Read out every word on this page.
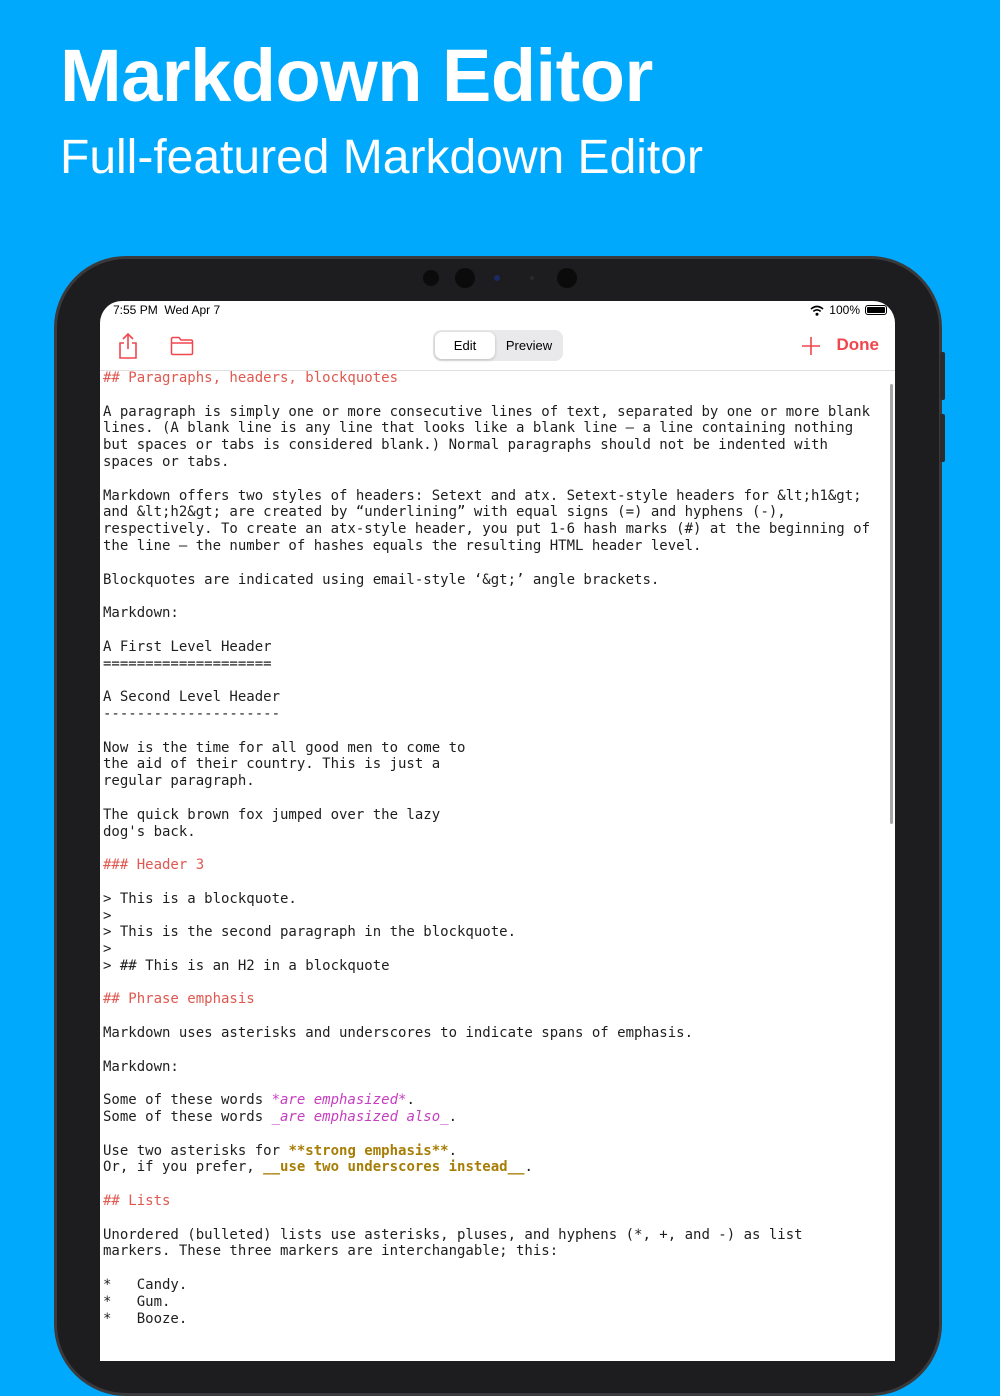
Markdown Editor
Full-featured Markdown Editor
7:55 PM Wed Apr 7	100%
Edit	Preview	Done
## Paragraphs, headers, blockquotes
A paragraph is simply one or more consecutive lines of text, separated by one or more blank
lines. (A blank line is any line that looks like a blank line — a line containing nothing
but spaces or tabs is considered blank.) Normal paragraphs should not be indented with
spaces or tabs.
Markdown offers two styles of headers: Setext and atx. Setext-style headers for &lt;h1&gt;
and &lt;h2&gt; are created by “underlining” with equal signs (=) and hyphens (-),
respectively. To create an atx-style header, you put 1-6 hash marks (#) at the beginning of
the line — the number of hashes equals the resulting HTML header level.
Blockquotes are indicated using email-style ‘&gt;’ angle brackets.
Markdown:
A First Level Header
====================
A Second Level Header
---------------------
Now is the time for all good men to come to
the aid of their country. This is just a
regular paragraph.
The quick brown fox jumped over the lazy
dog's back.
### Header 3
> This is a blockquote.
>
> This is the second paragraph in the blockquote.
>
> ## This is an H2 in a blockquote
## Phrase emphasis
Markdown uses asterisks and underscores to indicate spans of emphasis.
Markdown:
Some of these words *are emphasized*.
Some of these words _are emphasized also_.
Use two asterisks for **strong emphasis**.
Or, if you prefer, __use two underscores instead__.
## Lists
Unordered (bulleted) lists use asterisks, pluses, and hyphens (*, +, and -) as list
markers. These three markers are interchangable; this:
*   Candy.
*   Gum.
*   Booze.
